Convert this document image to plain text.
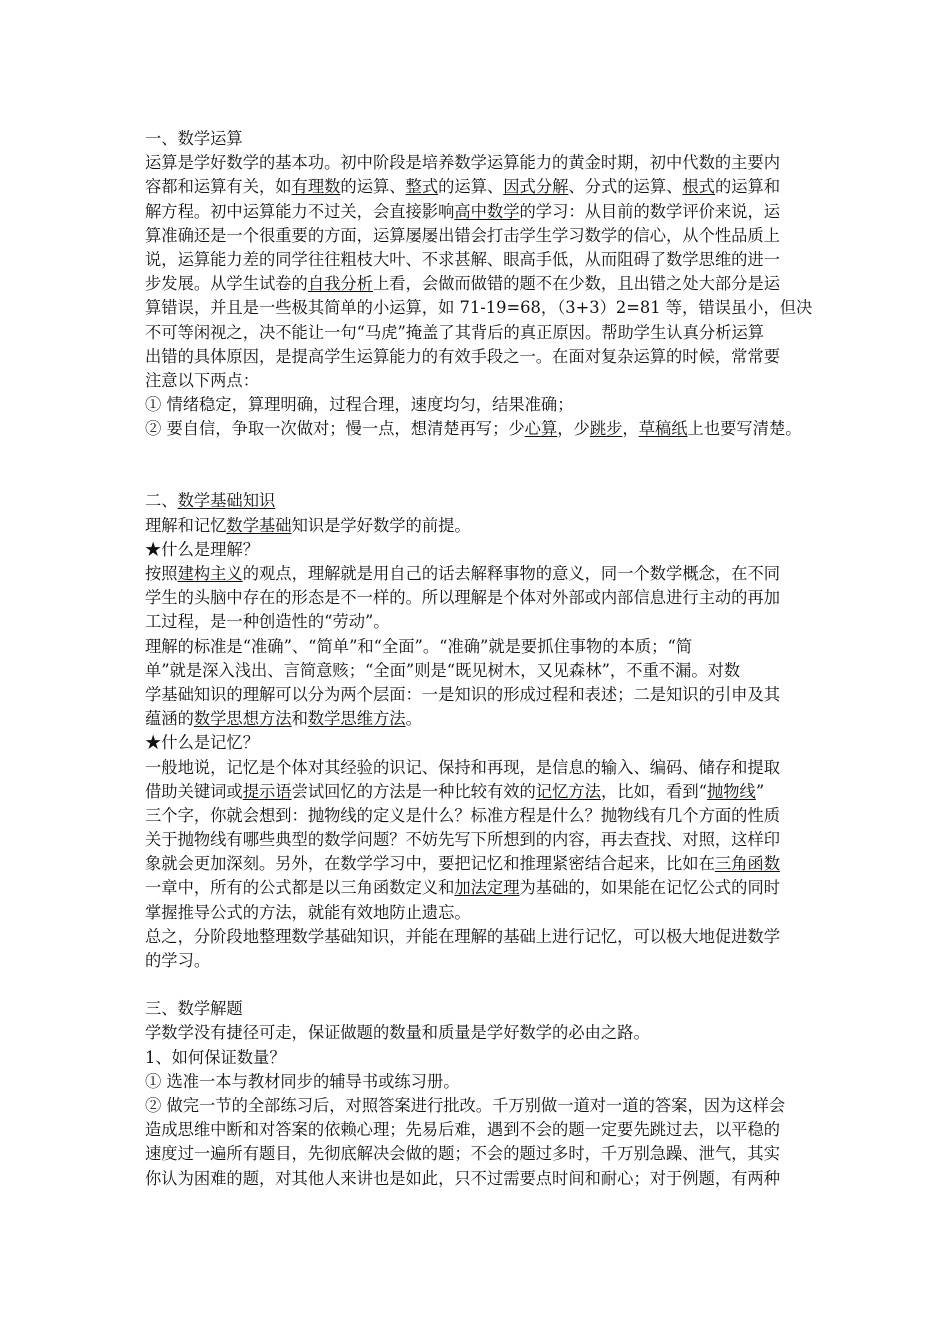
一、数学运算
运算是学好数学的基本功。初中阶段是培养数学运算能力的黄金时期，初中代数的主要内
容都和运算有关，如有理数的运算、整式的运算、因式分解、分式的运算、根式的运算和
解方程。初中运算能力不过关，会直接影响高中数学的学习：从目前的数学评价来说，运
算准确还是一个很重要的方面，运算屡屡出错会打击学生学习数学的信心，从个性品质上
说，运算能力差的同学往往粗枝大叶、不求甚解、眼高手低，从而阻碍了数学思维的进一
步发展。从学生试卷的自我分析上看，会做而做错的题不在少数，且出错之处大部分是运
算错误，并且是一些极其简单的小运算，如 71-19=68，（3+3）2=81 等，错误虽小，但决
不可等闲视之，决不能让一句“马虎”掩盖了其背后的真正原因。帮助学生认真分析运算
出错的具体原因，是提高学生运算能力的有效手段之一。在面对复杂运算的时候，常常要
注意以下两点：
① 情绪稳定，算理明确，过程合理，速度均匀，结果准确；
② 要自信，争取一次做对；慢一点，想清楚再写；少心算，少跳步，草稿纸上也要写清楚。
二、数学基础知识
理解和记忆数学基础知识是学好数学的前提。
★什么是理解？
按照建构主义的观点，理解就是用自己的话去解释事物的意义，同一个数学概念，在不同
学生的头脑中存在的形态是不一样的。所以理解是个体对外部或内部信息进行主动的再加
工过程，是一种创造性的“劳动”。
理解的标准是“准确”、“简单”和“全面”。“准确”就是要抓住事物的本质；“简
单”就是深入浅出、言简意赅；“全面”则是“既见树木，又见森林”，不重不漏。对数
学基础知识的理解可以分为两个层面：一是知识的形成过程和表述；二是知识的引申及其
蕴涵的数学思想方法和数学思维方法。
★什么是记忆？
一般地说，记忆是个体对其经验的识记、保持和再现，是信息的输入、编码、储存和提取
借助关键词或提示语尝试回忆的方法是一种比较有效的记忆方法，比如，看到“抛物线”
三个字，你就会想到：抛物线的定义是什么？标准方程是什么？抛物线有几个方面的性质
关于抛物线有哪些典型的数学问题？不妨先写下所想到的内容，再去查找、对照，这样印
象就会更加深刻。另外，在数学学习中，要把记忆和推理紧密结合起来，比如在三角函数
一章中，所有的公式都是以三角函数定义和加法定理为基础的，如果能在记忆公式的同时
掌握推导公式的方法，就能有效地防止遗忘。
总之，分阶段地整理数学基础知识，并能在理解的基础上进行记忆，可以极大地促进数学
的学习。
三、数学解题
学数学没有捷径可走，保证做题的数量和质量是学好数学的必由之路。
1、如何保证数量？
① 选准一本与教材同步的辅导书或练习册。
② 做完一节的全部练习后，对照答案进行批改。千万别做一道对一道的答案，因为这样会
造成思维中断和对答案的依赖心理；先易后难，遇到不会的题一定要先跳过去，以平稳的
速度过一遍所有题目，先彻底解决会做的题；不会的题过多时，千万别急躁、泄气，其实
你认为困难的题，对其他人来讲也是如此，只不过需要点时间和耐心；对于例题，有两种
